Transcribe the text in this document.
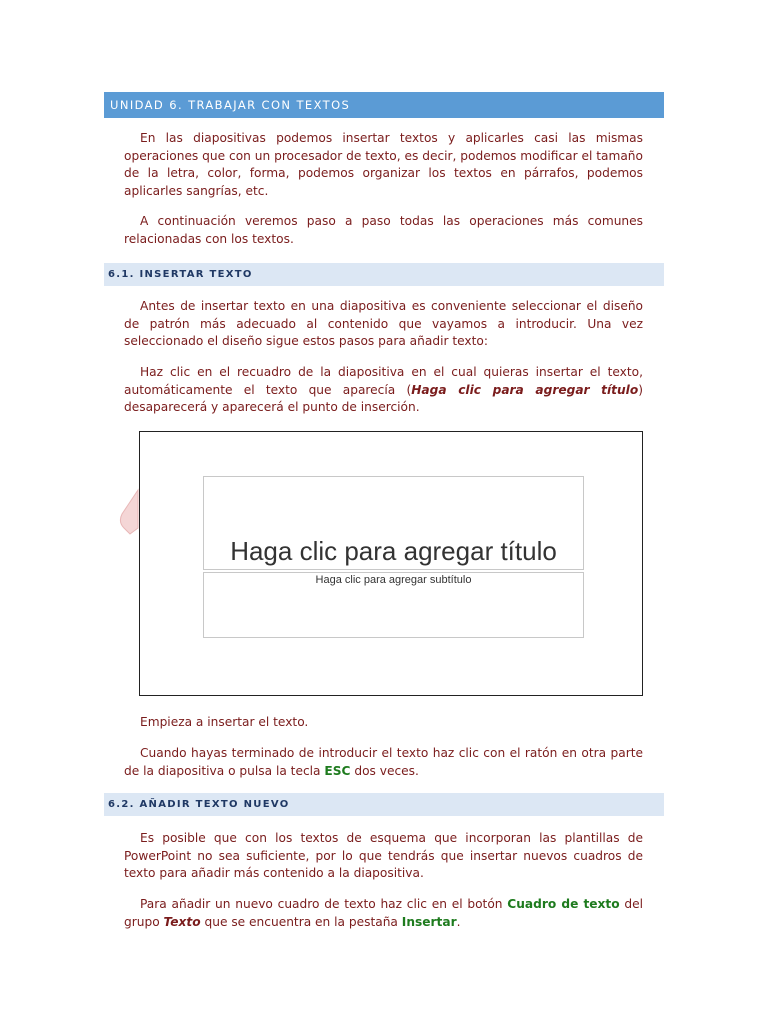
UNIDAD 6. TRABAJAR CON TEXTOS

En las diapositivas podemos insertar textos y aplicarles casi las mismas operaciones que con un procesador de texto, es decir, podemos modificar el tamaño de la letra, color, forma, podemos organizar los textos en párrafos, podemos aplicarles sangrías, etc.

A continuación veremos paso a paso todas las operaciones más comunes relacionadas con los textos.

6.1. INSERTAR TEXTO

Antes de insertar texto en una diapositiva es conveniente seleccionar el diseño de patrón más adecuado al contenido que vayamos a introducir. Una vez seleccionado el diseño sigue estos pasos para añadir texto:

Haz clic en el recuadro de la diapositiva en el cual quieras insertar el texto, automáticamente el texto que aparecía (Haga clic para agregar título) desaparecerá y aparecerá el punto de inserción.

Haga clic para agregar título
Haga clic para agregar subtítulo

Empieza a insertar el texto.

Cuando hayas terminado de introducir el texto haz clic con el ratón en otra parte de la diapositiva o pulsa la tecla ESC dos veces.

6.2. AÑADIR TEXTO NUEVO

Es posible que con los textos de esquema que incorporan las plantillas de PowerPoint no sea suficiente, por lo que tendrás que insertar nuevos cuadros de texto para añadir más contenido a la diapositiva.

Para añadir un nuevo cuadro de texto haz clic en el botón Cuadro de texto del grupo Texto que se encuentra en la pestaña Insertar.
